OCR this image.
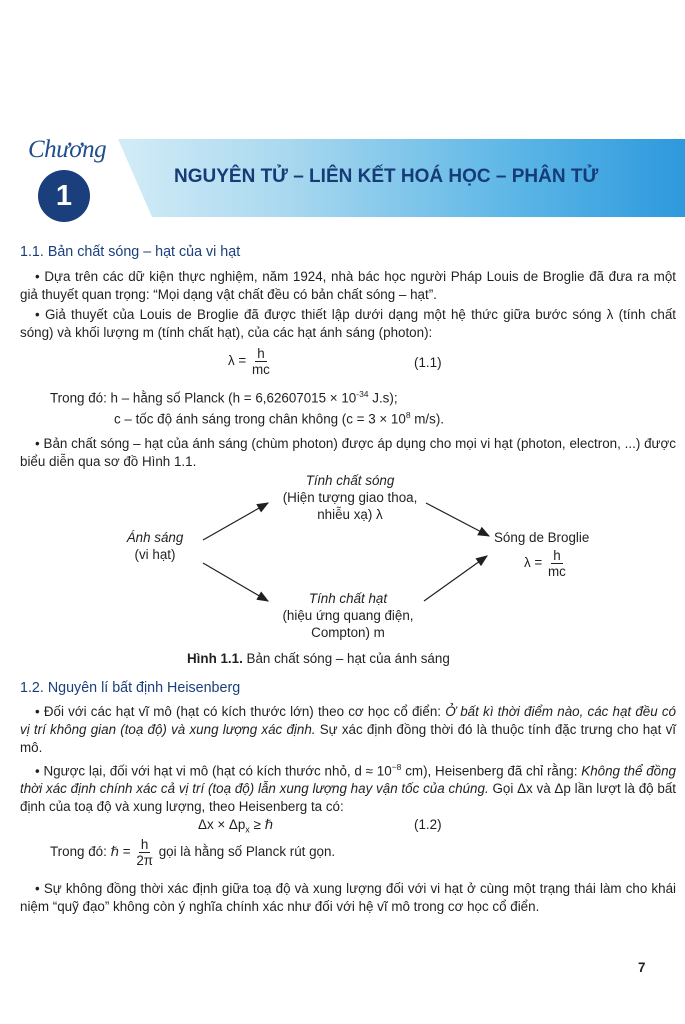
Chương
1
NGUYÊN TỬ – LIÊN KẾT HOÁ HỌC – PHÂN TỬ
1.1. Bản chất sóng – hạt của vi hạt
• Dựa trên các dữ kiện thực nghiệm, năm 1924, nhà bác học người Pháp Louis de Broglie đã đưa ra một giả thuyết quan trọng: “Mọi dạng vật chất đều có bản chất sóng – hạt”.
• Giả thuyết của Louis de Broglie đã được thiết lập dưới dạng một hệ thức giữa bước sóng λ (tính chất sóng) và khối lượng m (tính chất hạt), của các hạt ánh sáng (photon):
$\lambda = \frac{h}{mc}$	(1.1)
Trong đó: h – hằng số Planck ($h = 6,62607015 \times 10^{-34}$ J.s);
c – tốc độ ánh sáng trong chân không ($c = 3 \times 10^8$ m/s).
• Bản chất sóng – hạt của ánh sáng (chùm photon) được áp dụng cho mọi vi hạt (photon, electron, ...) được biểu diễn qua sơ đồ Hình 1.1.
Tính chất sóng
(Hiện tượng giao thoa,
nhiễu xạ) λ
Ánh sáng
(vi hạt)
Sóng de Broglie
$\lambda = \frac{h}{mc}$
Tính chất hạt
(hiệu ứng quang điện,
Compton) m
Hình 1.1. Bản chất sóng – hạt của ánh sáng
1.2. Nguyên lí bất định Heisenberg
• Đối với các hạt vĩ mô (hạt có kích thước lớn) theo cơ học cổ điển: Ở bất kì thời điểm nào, các hạt đều có vị trí không gian (toạ độ) và xung lượng xác định. Sự xác định đồng thời đó là thuộc tính đặc trưng cho hạt vĩ mô.
• Ngược lại, đối với hạt vi mô (hạt có kích thước nhỏ, $d \approx 10^{-8}$ cm), Heisenberg đã chỉ rằng: Không thể đồng thời xác định chính xác cả vị trí (toạ độ) lẫn xung lượng hay vận tốc của chúng. Gọi Δx và Δp lần lượt là độ bất định của toạ độ và xung lượng, theo Heisenberg ta có:
$\Delta x \times \Delta p_x$ ≥ ℏ	(1.2)
Trong đó: ℏ = $\frac{h}{2\pi}$ gọi là hằng số Planck rút gọn.
• Sự không đồng thời xác định giữa toạ độ và xung lượng đối với vi hạt ở cùng một trạng thái làm cho khái niệm “quỹ đạo” không còn ý nghĩa chính xác như đối với hệ vĩ mô trong cơ học cổ điển.
7
